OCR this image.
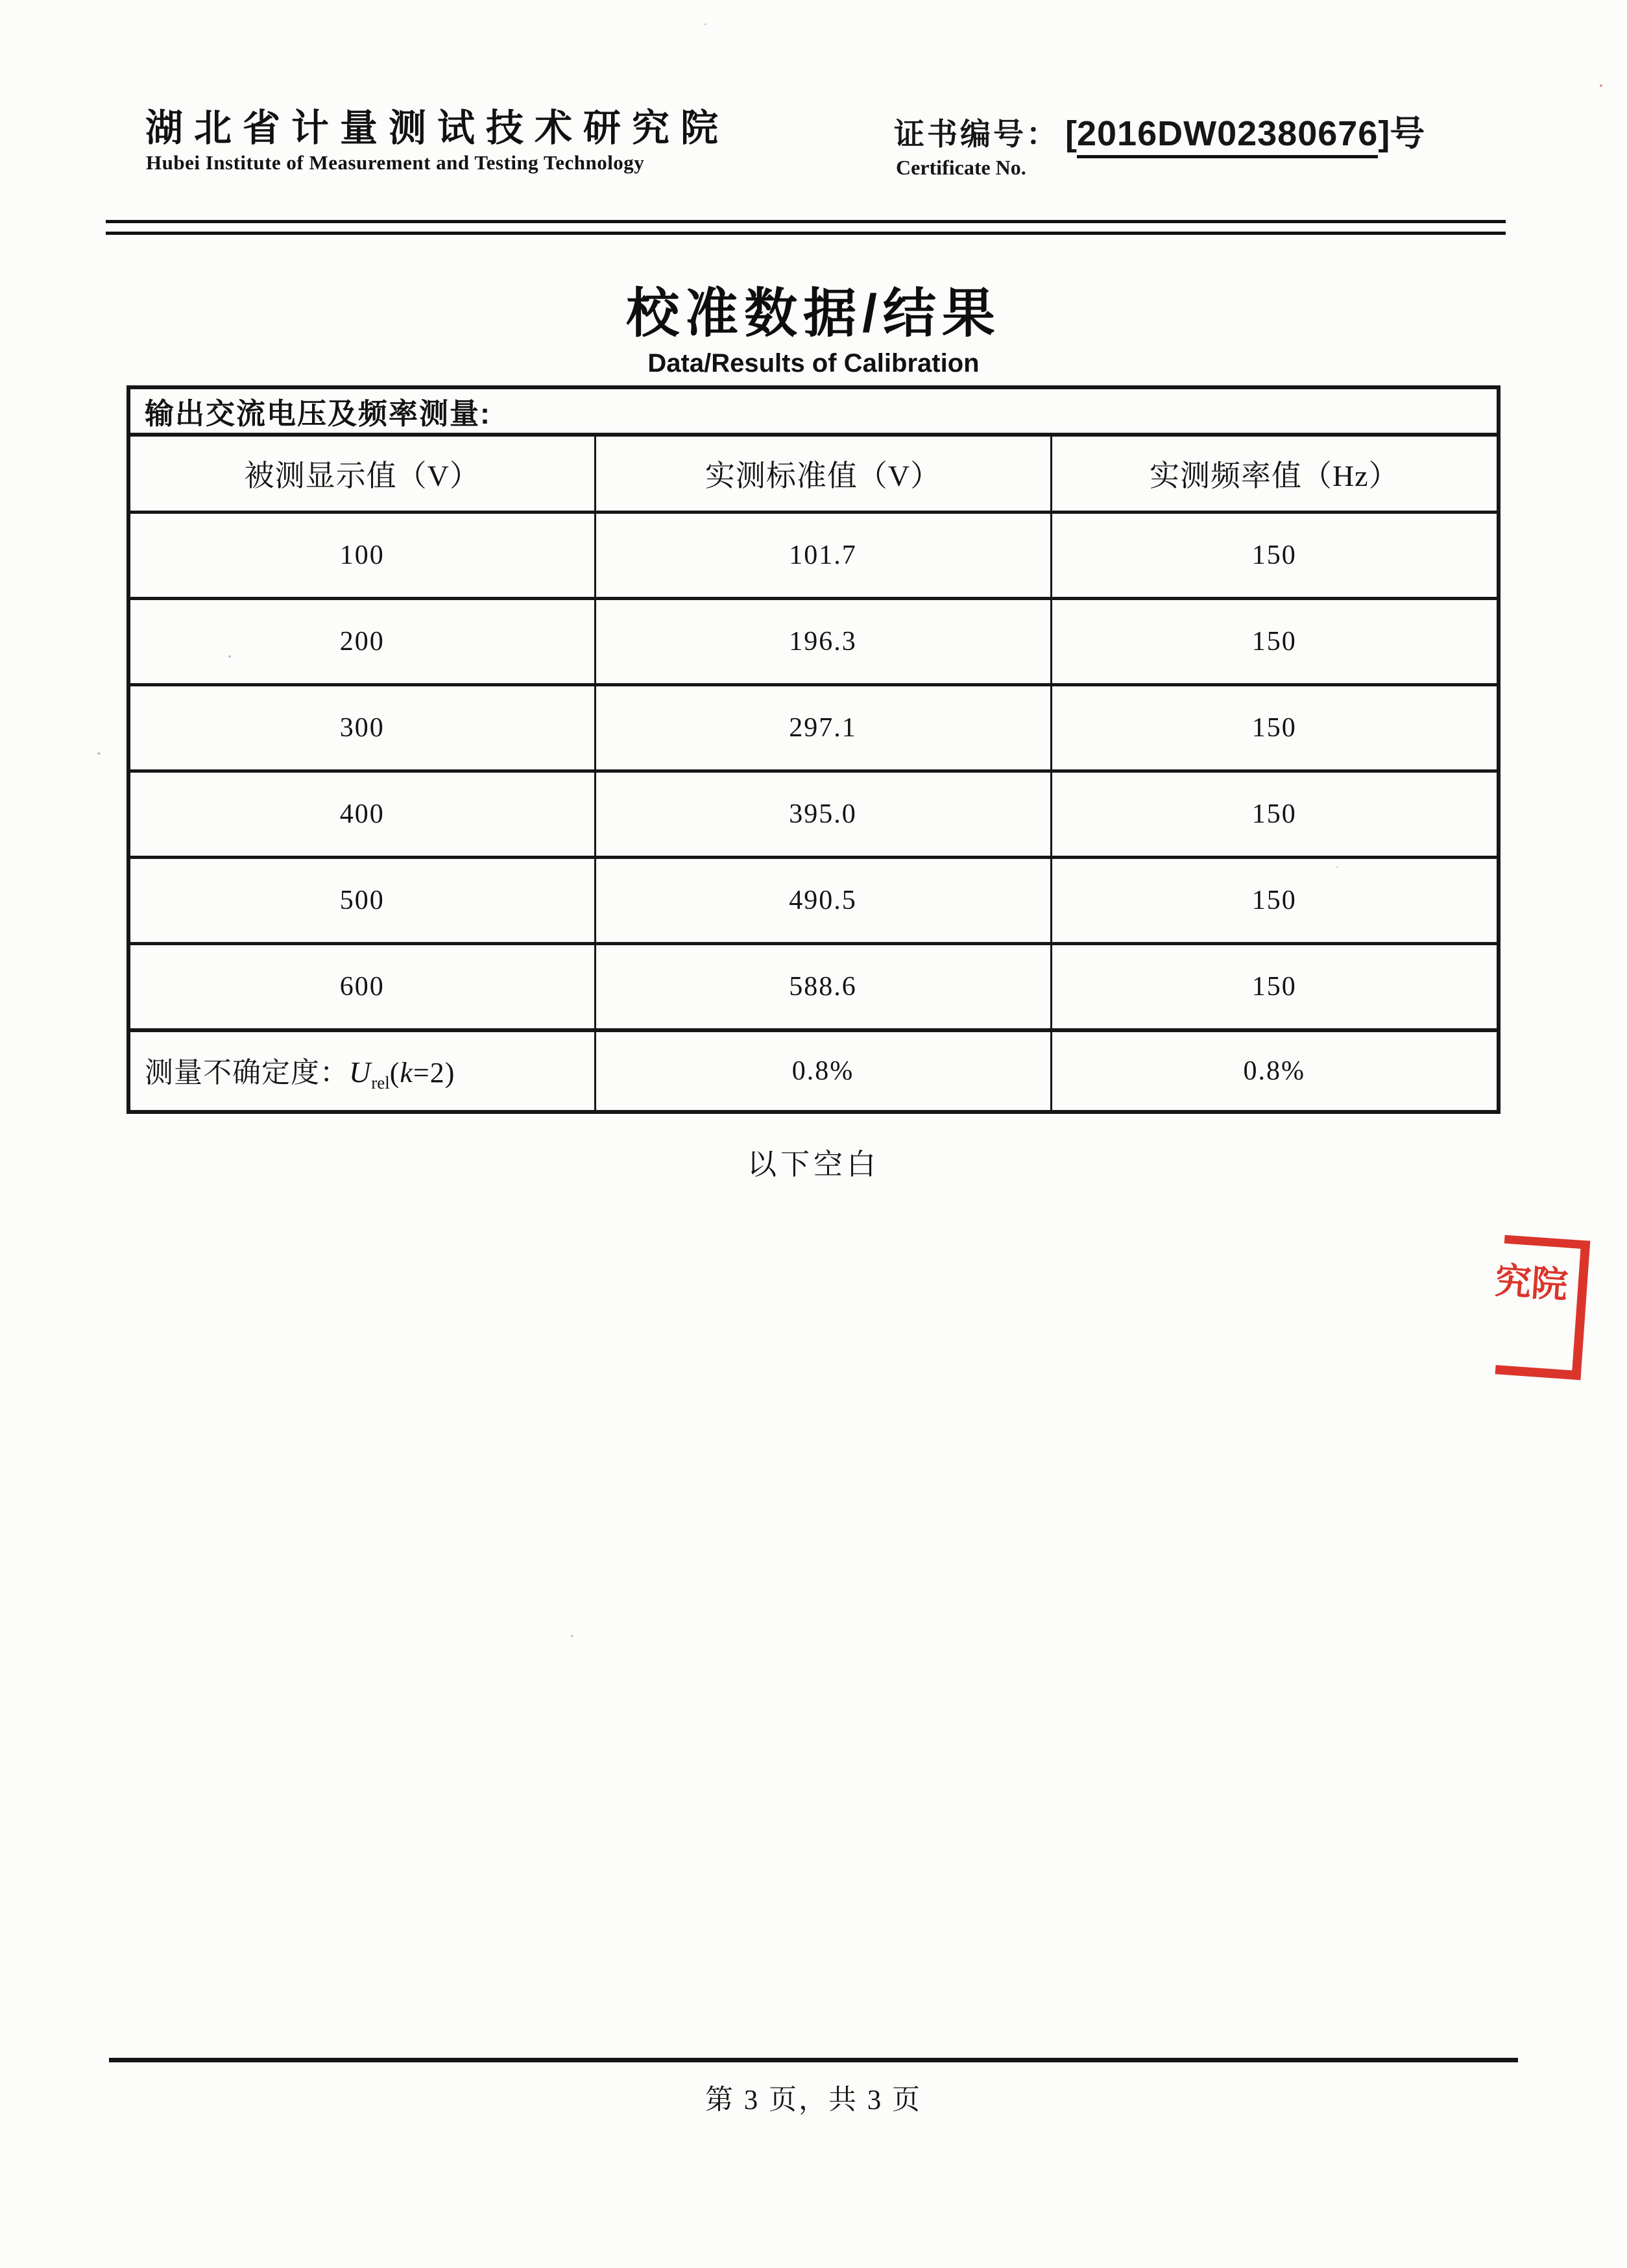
湖北省计量测试技术研究院
Hubei Institute of Measurement and Testing Technology
证书编号： [2016DW02380676]号
Certificate No.
校准数据/结果
Data/Results of Calibration
输出交流电压及频率测量:		
被测显示值（V）	实测标准值（V）	实测频率值（Hz）
100	101.7	150
200	196.3	150
300	297.1	150
400	395.0	150
500	490.5	150
600	588.6	150
测量不确定度：$U_{rel}(k=2)$	0.8%	0.8%
以下空白
究院
第 3 页，共 3 页
